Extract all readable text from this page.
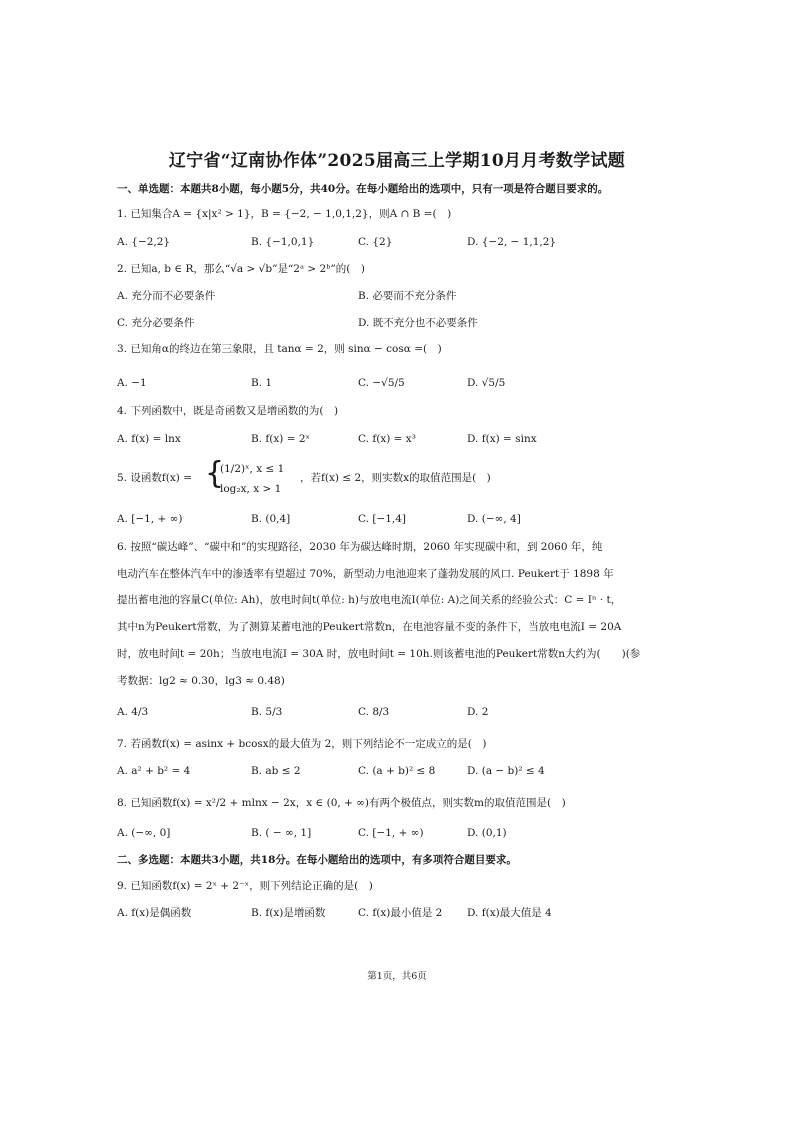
辽宁省“辽南协作体”2025届高三上学期10月月考数学试题
一、单选题：本题共8小题，每小题5分，共40分。在每小题给出的选项中，只有一项是符合题目要求的。
1. 已知集合A = {x|x² > 1}，B = {−2, − 1,0,1,2}，则A ∩ B =(　)
A. {−2,2}	B. {−1,0,1}	C. {2}	D. {−2, − 1,1,2}
2. 已知a, b ∈ R，那么“√a > √b”是“2ᵃ > 2ᵇ”的(　)
A. 充分而不必要条件	B. 必要而不充分条件
C. 充分必要条件	D. 既不充分也不必要条件
3. 已知角α的终边在第三象限，且 tanα = 2，则 sinα − cosα =(　)
A. −1	B. 1	C. −√5/5	D. √5/5
4. 下列函数中，既是奇函数又是增函数的为(　)
A. f(x) = lnx	B. f(x) = 2ˣ	C. f(x) = x³	D. f(x) = sinx
5. 设函数f(x) = {
(1/2)ˣ, x ≤ 1
log₂x, x > 1
，若f(x) ≤ 2，则实数x的取值范围是(　)
A. [−1, + ∞)	B. (0,4]	C. [−1,4]	D. (−∞, 4]
6. 按照“碳达峰”、“碳中和”的实现路径，2030 年为碳达峰时期，2060 年实现碳中和，到 2060 年，纯
电动汽车在整体汽车中的渗透率有望超过 70%，新型动力电池迎来了蓬勃发展的风口. Peukert于 1898 年
提出蓄电池的容量C(单位: Ah)，放电时间t(单位: h)与放电电流I(单位: A)之间关系的经验公式：C = Iⁿ · t，
其中n为Peukert常数，为了测算某蓄电池的Peukert常数n，在电池容量不变的条件下，当放电电流I = 20A
时，放电时间t = 20h；当放电电流I = 30A 时，放电时间t = 10h.则该蓄电池的Peukert常数n大约为(　　)(参
考数据：lg2 ≈ 0.30，lg3 ≈ 0.48)
A. 4/3	B. 5/3	C. 8/3	D. 2
7. 若函数f(x) = asinx + bcosx的最大值为 2，则下列结论不一定成立的是(　)
A. a² + b² = 4	B. ab ≤ 2	C. (a + b)² ≤ 8	D. (a − b)² ≤ 4
8. 已知函数f(x) = x²/2 + mlnx − 2x，x ∈ (0, + ∞)有两个极值点，则实数m的取值范围是(　)
A. (−∞, 0]	B. ( − ∞, 1]	C. [−1, + ∞)	D. (0,1)
二、多选题：本题共3小题，共18分。在每小题给出的选项中，有多项符合题目要求。
9. 已知函数f(x) = 2ˣ + 2⁻ˣ，则下列结论正确的是(　)
A. f(x)是偶函数	B. f(x)是增函数	C. f(x)最小值是 2 D. f(x)最大值是 4
第1页，共6页
